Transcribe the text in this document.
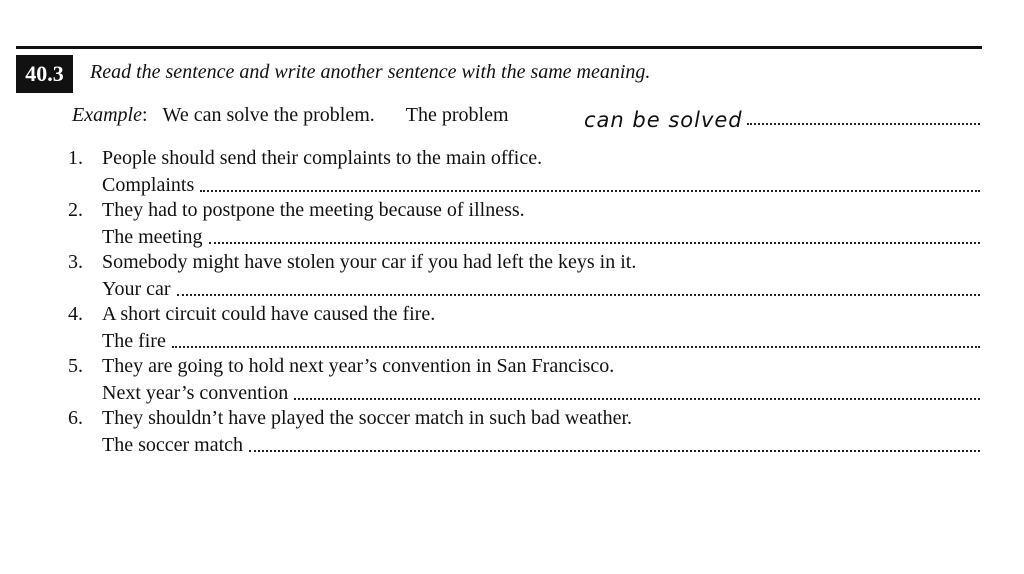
40.3	Read the sentence and write another sentence with the same meaning.
Example: We can solve the problem. The problem	can be solved
1. People should send their complaints to the main office.
Complaints
2. They had to postpone the meeting because of illness.
The meeting
3. Somebody might have stolen your car if you had left the keys in it.
Your car
4. A short circuit could have caused the fire.
The fire
5. They are going to hold next year’s convention in San Francisco.
Next year’s convention
6. They shouldn’t have played the soccer match in such bad weather.
The soccer match
